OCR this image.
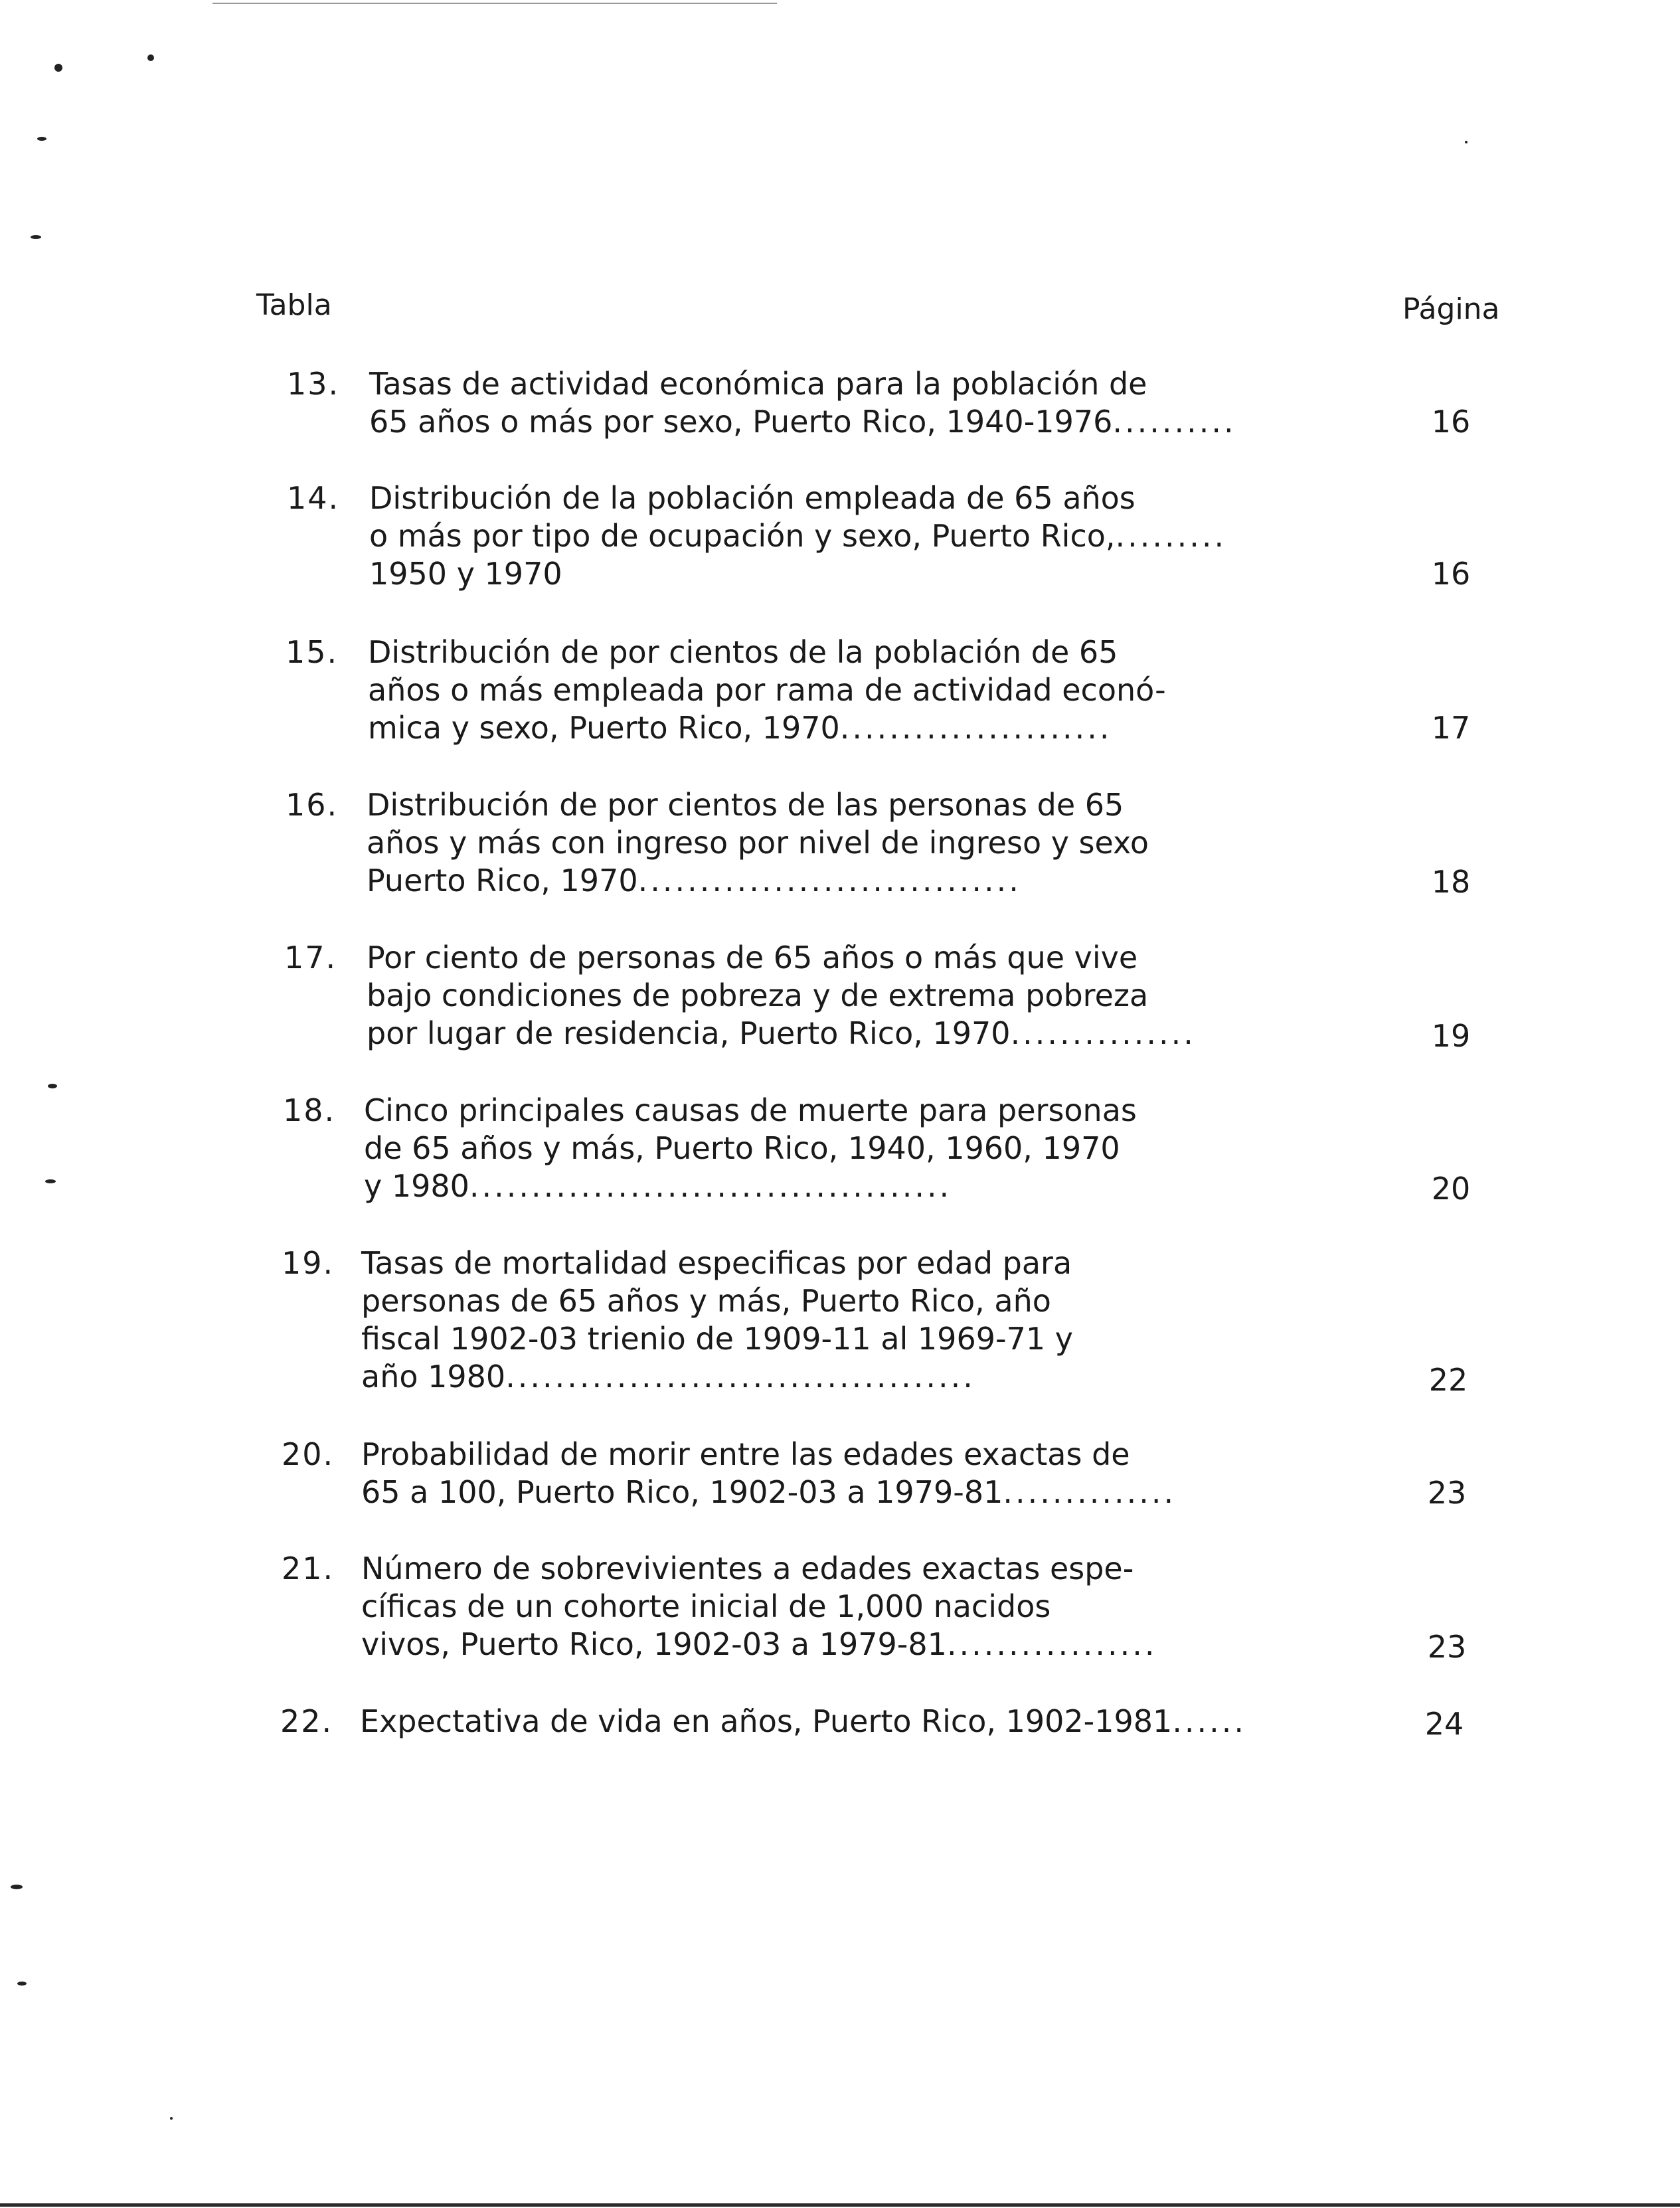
Tabla	Página
13. Tasas de actividad económica para la población de
65 años o más por sexo, Puerto Rico, 1940-1976..........	16
14. Distribución de la población empleada de 65 años
o más por tipo de ocupación y sexo, Puerto Rico,.........
1950 y 1970	16
15. Distribución de por cientos de la población de 65
años o más empleada por rama de actividad econó-
mica y sexo, Puerto Rico, 1970......................	17
16. Distribución de por cientos de las personas de 65
años y más con ingreso por nivel de ingreso y sexo
Puerto Rico, 1970...............................	18
17. Por ciento de personas de 65 años o más que vive
bajo condiciones de pobreza y de extrema pobreza
por lugar de residencia, Puerto Rico, 1970...............	19
18. Cinco principales causas de muerte para personas
de 65 años y más, Puerto Rico, 1940, 1960, 1970
y 1980.......................................	20
19. Tasas de mortalidad especificas por edad para
personas de 65 años y más, Puerto Rico, año
fiscal 1902-03 trienio de 1909-11 al 1969-71 y
año 1980......................................	22
20. Probabilidad de morir entre las edades exactas de
65 a 100, Puerto Rico, 1902-03 a 1979-81..............	23
21. Número de sobrevivientes a edades exactas espe-
cíficas de un cohorte inicial de 1,000 nacidos
vivos, Puerto Rico, 1902-03 a 1979-81.................	23
22. Expectativa de vida en años, Puerto Rico, 1902-1981......	24
